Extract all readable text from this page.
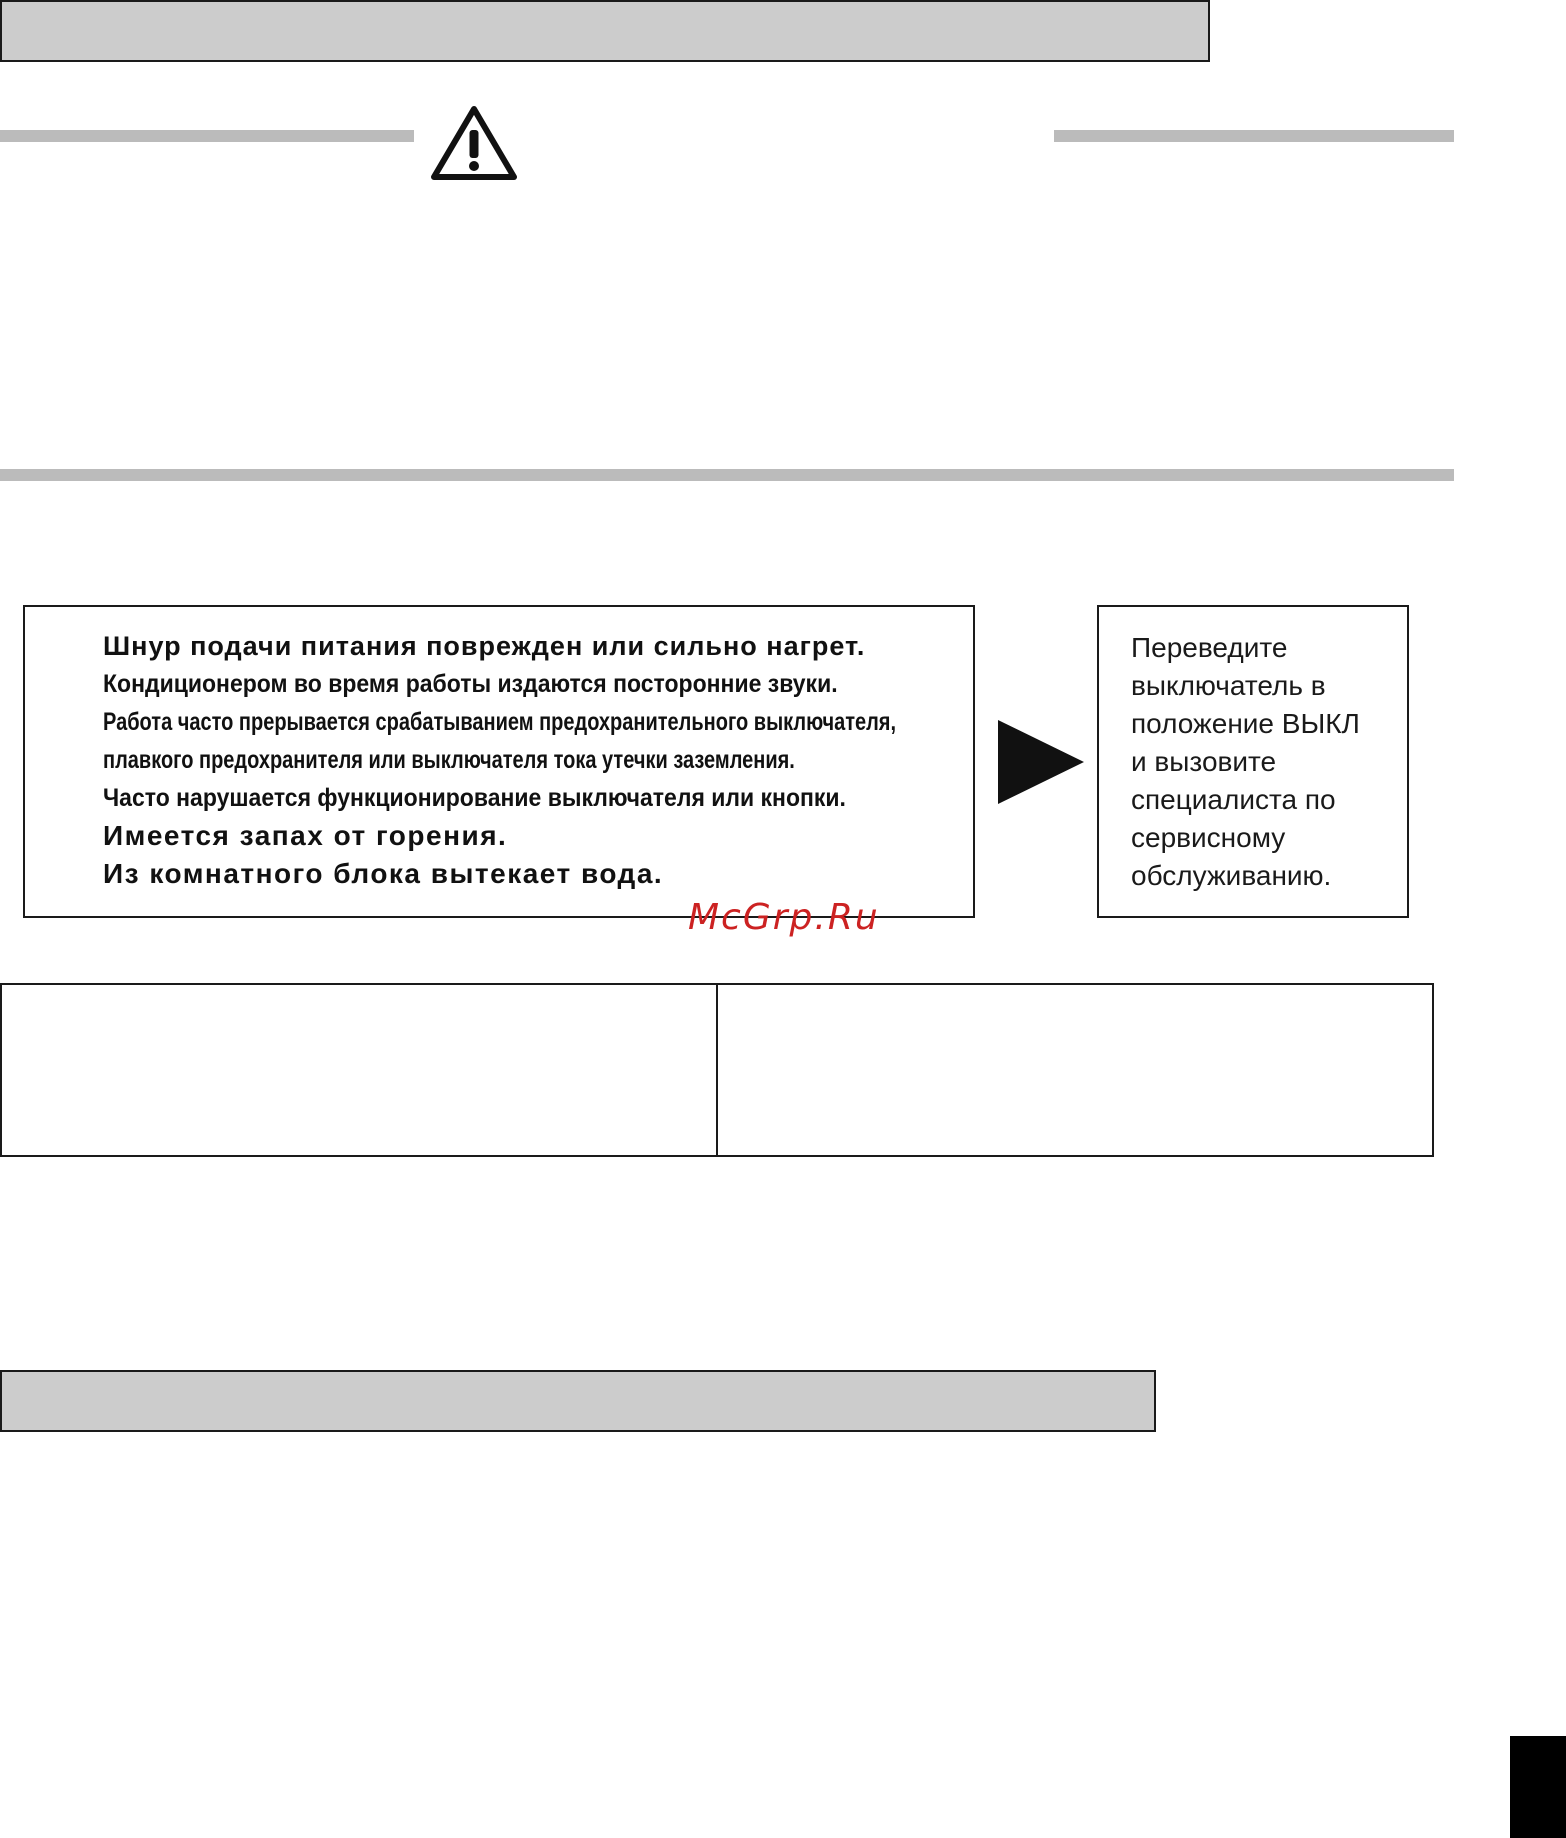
Шнур подачи питания поврежден или сильно нагрет.
Кондиционером во время работы издаются посторонние звуки.
Работа часто прерывается срабатыванием предохранительного выключателя,
плавкого предохранителя или выключателя тока утечки заземления.
Часто нарушается функционирование выключателя или кнопки.
Имеется запах от горения.
Из комнатного блока вытекает вода.
Переведите
выключатель в
положение ВЫКЛ
и вызовите
специалиста по
сервисному
обслуживанию.
McGrp.Ru
